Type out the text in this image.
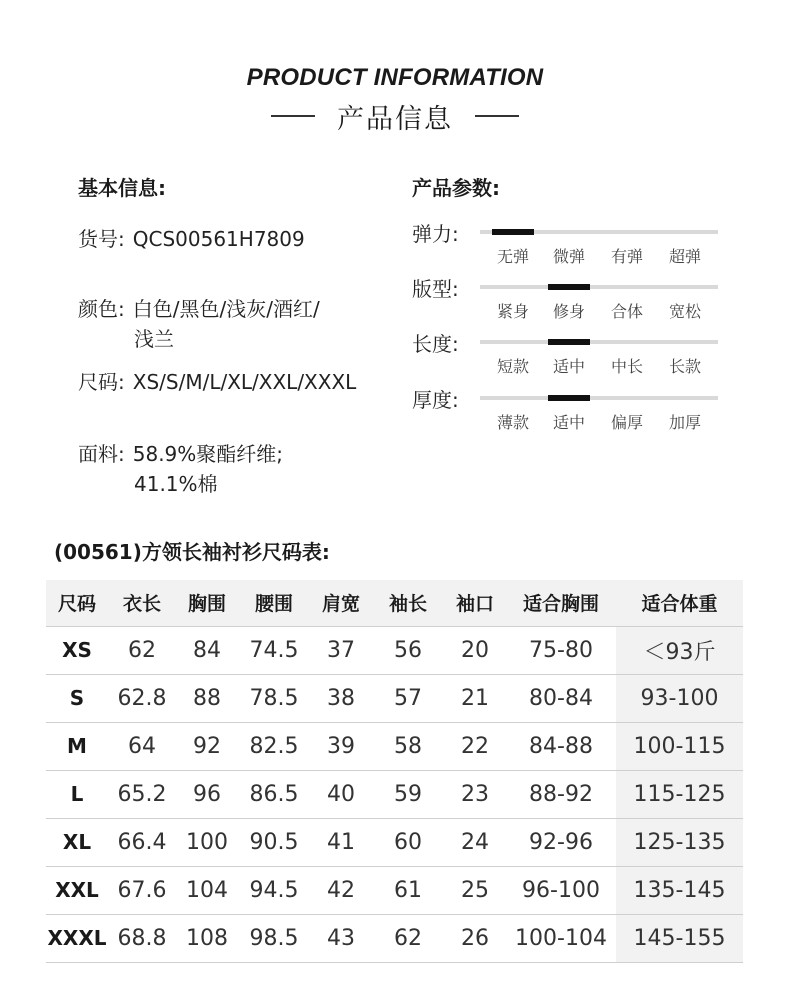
PRODUCT INFORMATION
产品信息
基本信息:
货号: QCS00561H7809
颜色: 白色/黑色/浅灰/酒红/
浅兰
尺码: XS/S/M/L/XL/XXL/XXXL
面料: 58.9%聚酯纤维;
41.1%棉
产品参数:
弹力:
无弹	微弹	有弹	超弹
版型:
紧身	修身	合体	宽松
长度:
短款	适中	中长	长款
厚度:
薄款	适中	偏厚	加厚
(00561)方领长袖衬衫尺码表:
尺码	衣长	胸围	腰围	肩宽	袖长	袖口	适合胸围	适合体重
XS	62	84	74.5	37	56	20	75-80	＜93斤
S	62.8	88	78.5	38	57	21	80-84	93-100
M	64	92	82.5	39	58	22	84-88	100-115
L	65.2	96	86.5	40	59	23	88-92	115-125
XL	66.4	100	90.5	41	60	24	92-96	125-135
XXL	67.6	104	94.5	42	61	25	96-100	135-145
XXXL	68.8	108	98.5	43	62	26	100-104	145-155
